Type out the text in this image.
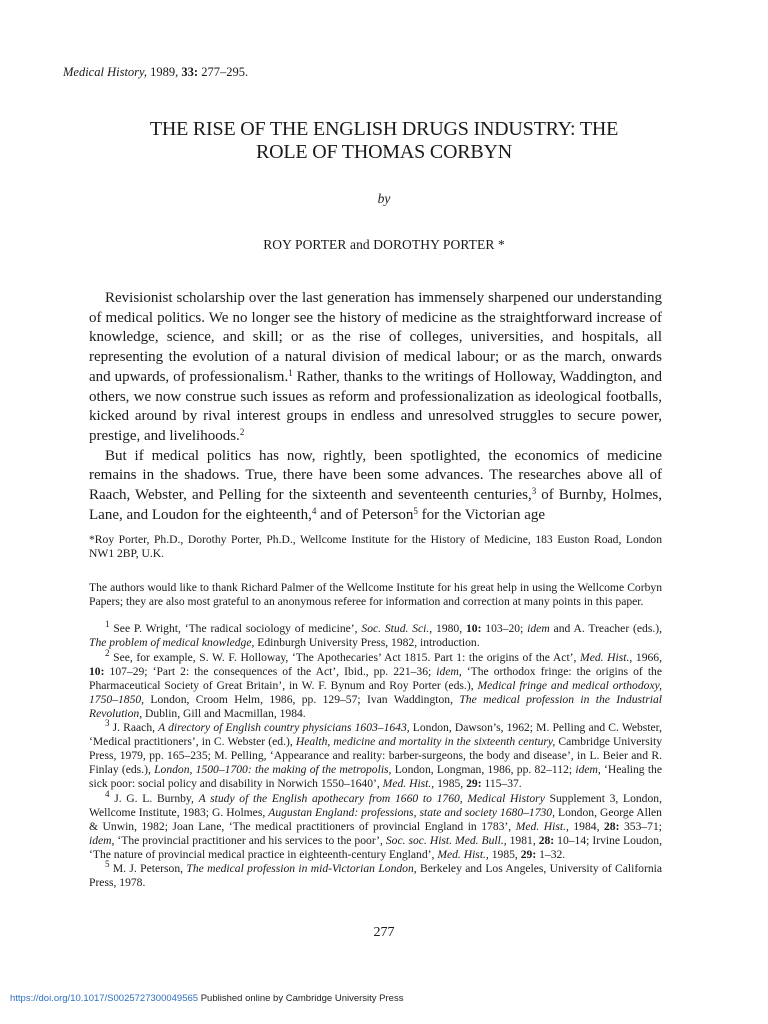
Medical History, 1989, 33: 277–295.

THE RISE OF THE ENGLISH DRUGS INDUSTRY: THE
ROLE OF THOMAS CORBYN

by

ROY PORTER and DOROTHY PORTER *

Revisionist scholarship over the last generation has immensely sharpened our understanding of medical politics. We no longer see the history of medicine as the straightforward increase of knowledge, science, and skill; or as the rise of colleges, universities, and hospitals, all representing the evolution of a natural division of medical labour; or as the march, onwards and upwards, of professionalism.$^1$ Rather, thanks to the writings of Holloway, Waddington, and others, we now construe such issues as reform and professionalization as ideological footballs, kicked around by rival interest groups in endless and unresolved struggles to secure power, prestige, and livelihoods.$^2$

But if medical politics has now, rightly, been spotlighted, the economics of medicine remains in the shadows. True, there have been some advances. The researches above all of Raach, Webster, and Pelling for the sixteenth and seventeenth centuries,$^3$ of Burnby, Holmes, Lane, and Loudon for the eighteenth,$^4$ and of Peterson$^5$ for the Victorian age

*Roy Porter, Ph.D., Dorothy Porter, Ph.D., Wellcome Institute for the History of Medicine, 183 Euston Road, London NW1 2BP, U.K.

The authors would like to thank Richard Palmer of the Wellcome Institute for his great help in using the Wellcome Corbyn Papers; they are also most grateful to an anonymous referee for information and correction at many points in this paper.

$^1$ See P. Wright, ‘The radical sociology of medicine’, Soc. Stud. Sci., 1980, 10: 103–20; idem and A. Treacher (eds.), The problem of medical knowledge, Edinburgh University Press, 1982, introduction.

$^2$ See, for example, S. W. F. Holloway, ‘The Apothecaries’ Act 1815. Part 1: the origins of the Act’, Med. Hist., 1966, 10: 107–29; ‘Part 2: the consequences of the Act’, Ibid., pp. 221–36; idem, ‘The orthodox fringe: the origins of the Pharmaceutical Society of Great Britain’, in W. F. Bynum and Roy Porter (eds.), Medical fringe and medical orthodoxy, 1750–1850, London, Croom Helm, 1986, pp. 129–57; Ivan Waddington, The medical profession in the Industrial Revolution, Dublin, Gill and Macmillan, 1984.

$^3$ J. Raach, A directory of English country physicians 1603–1643, London, Dawson’s, 1962; M. Pelling and C. Webster, ‘Medical practitioners’, in C. Webster (ed.), Health, medicine and mortality in the sixteenth century, Cambridge University Press, 1979, pp. 165–235; M. Pelling, ‘Appearance and reality: barber-surgeons, the body and disease’, in L. Beier and R. Finlay (eds.), London, 1500–1700: the making of the metropolis, London, Longman, 1986, pp. 82–112; idem, ‘Healing the sick poor: social policy and disability in Norwich 1550–1640’, Med. Hist., 1985, 29: 115–37.

$^4$ J. G. L. Burnby, A study of the English apothecary from 1660 to 1760, Medical History Supplement 3, London, Wellcome Institute, 1983; G. Holmes, Augustan England: professions, state and society 1680–1730, London, George Allen & Unwin, 1982; Joan Lane, ‘The medical practitioners of provincial England in 1783’, Med. Hist., 1984, 28: 353–71; idem, ‘The provincial practitioner and his services to the poor’, Soc. soc. Hist. Med. Bull., 1981, 28: 10–14; Irvine Loudon, ‘The nature of provincial medical practice in eighteenth-century England’, Med. Hist., 1985, 29: 1–32.

$^5$ M. J. Peterson, The medical profession in mid-Victorian London, Berkeley and Los Angeles, University of California Press, 1978.

277

https://doi.org/10.1017/S0025727300049565 Published online by Cambridge University Press
